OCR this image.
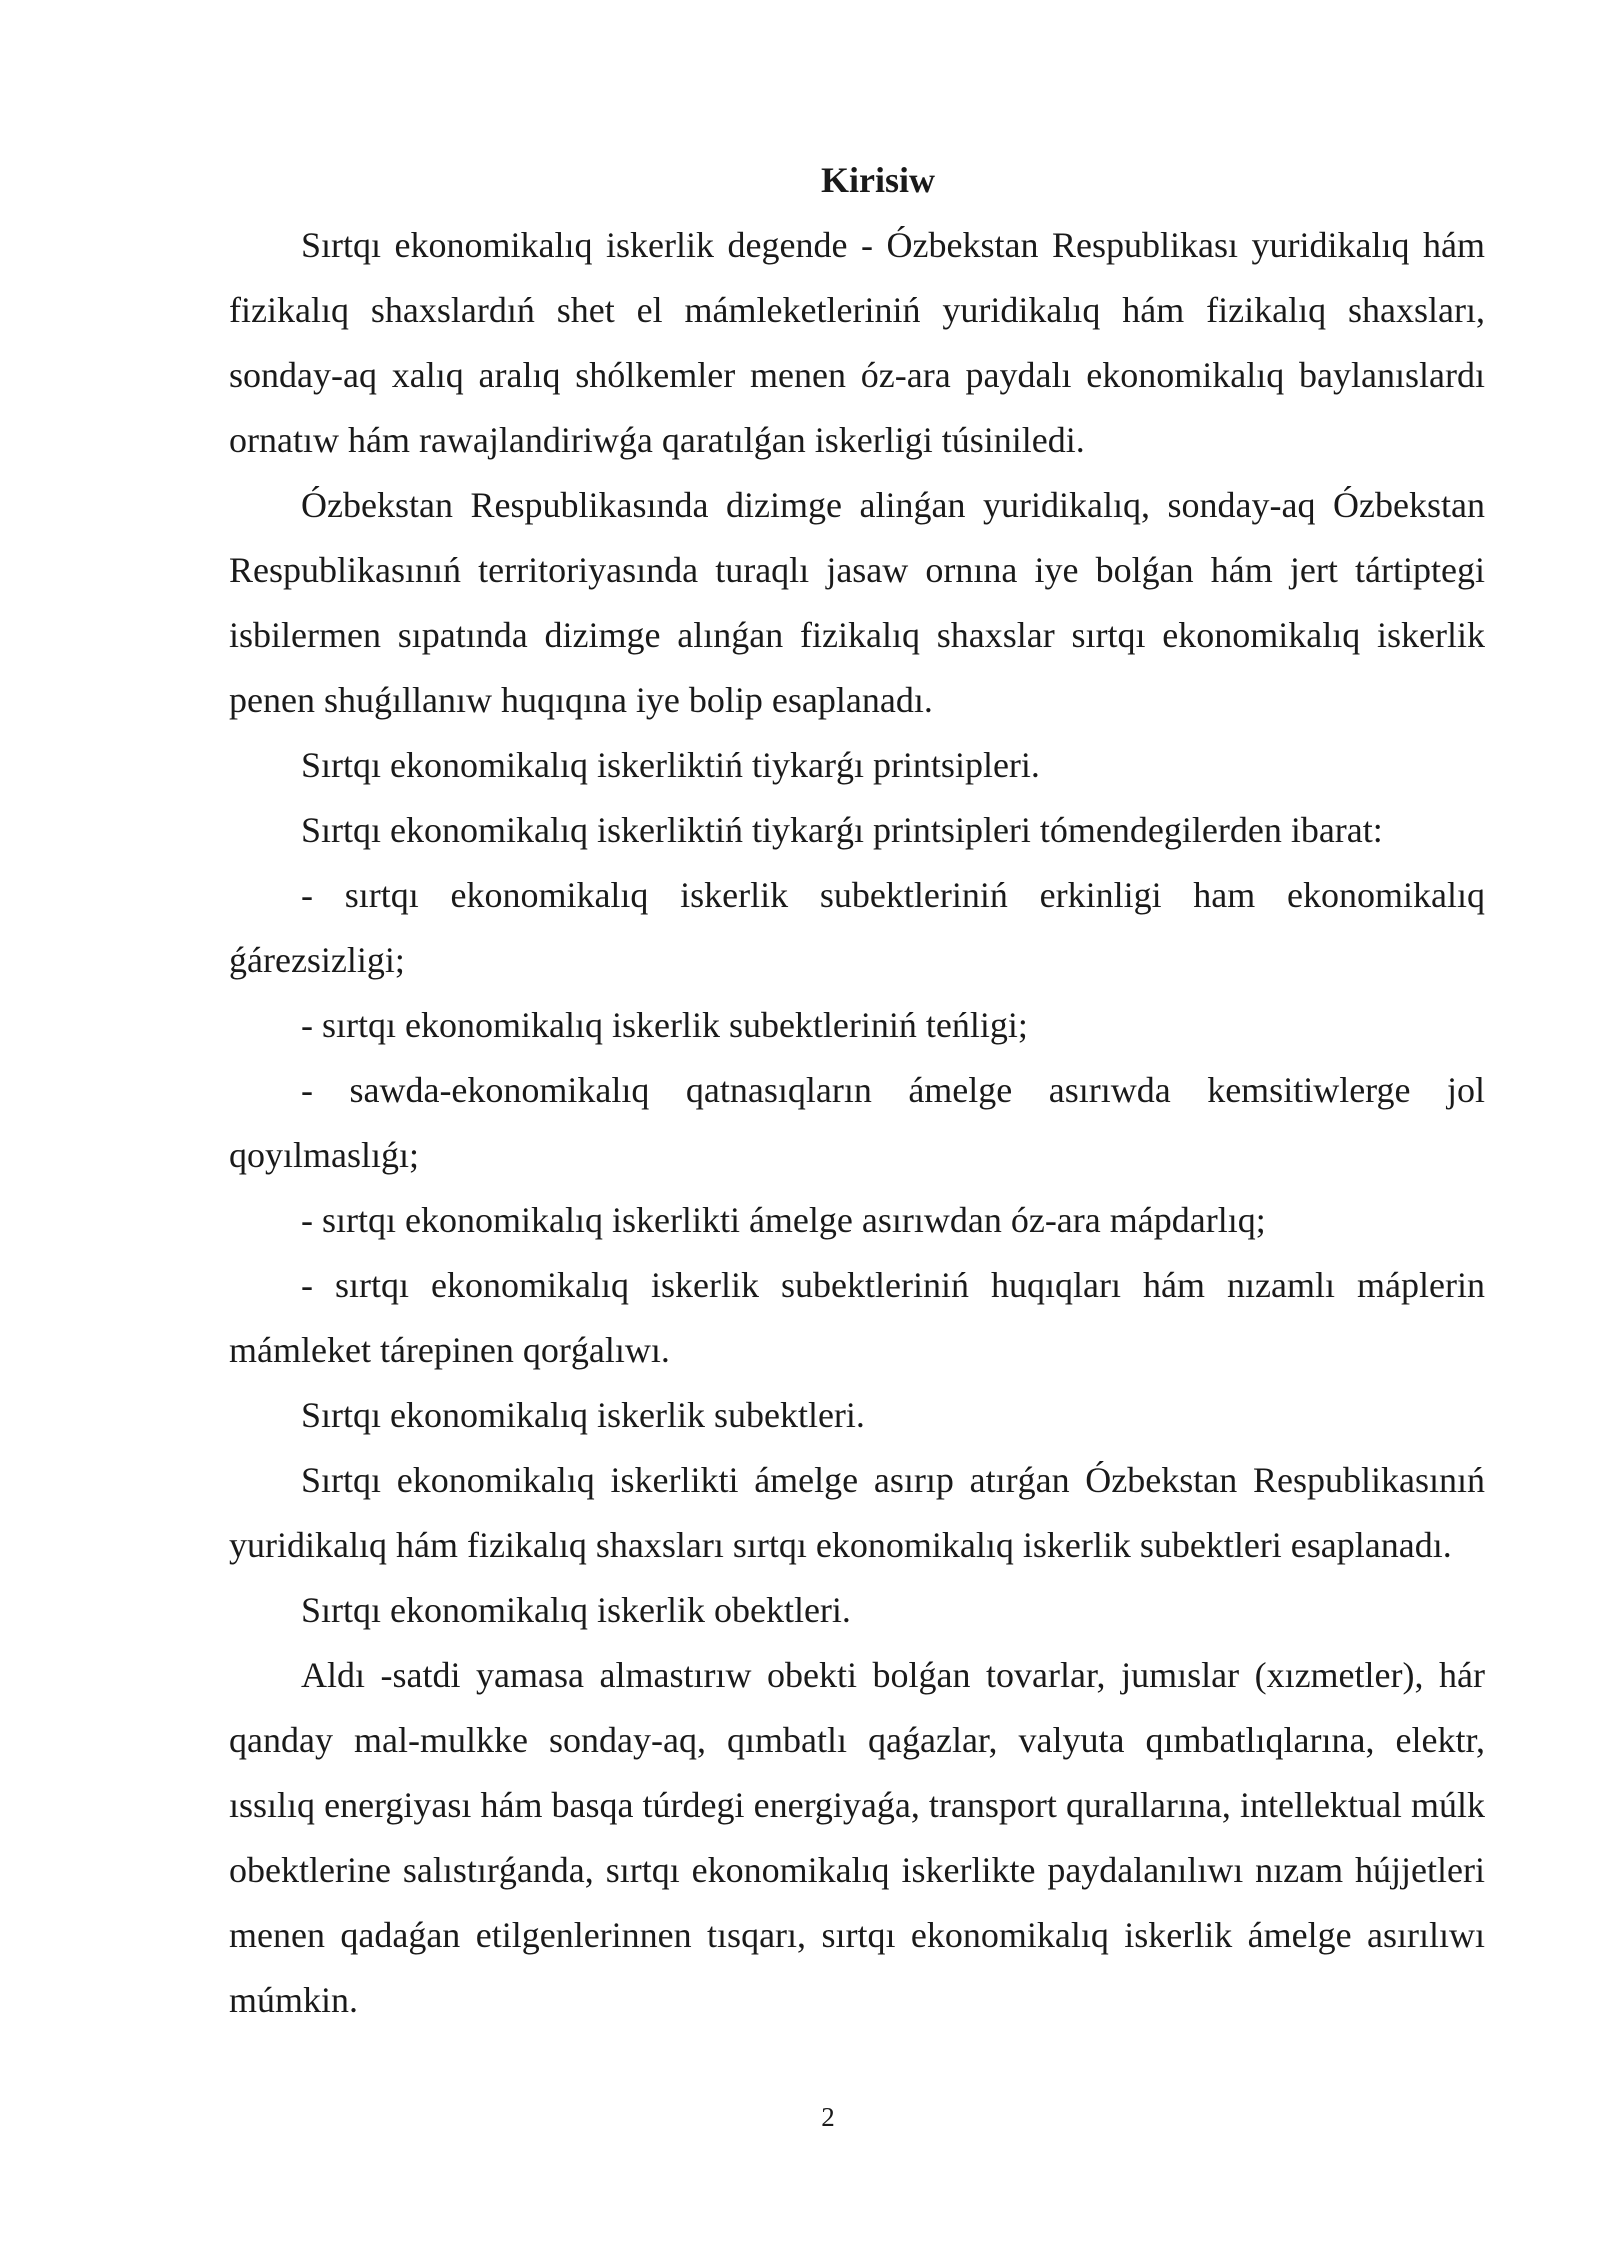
Kirisiw

Sırtqı ekonomikalıq iskerlik degende - Ózbekstan Respublikası yuridikalıq hám fizikalıq shaxslardıń shet el mámleketleriniń yuridikalıq hám fizikalıq shaxsları, sonday-aq xalıq aralıq shólkemler menen óz-ara paydalı ekonomikalıq baylanıslardı ornatıw hám rawajlandiriwǵa qaratılǵan iskerligi túsiniledi.

Ózbekstan Respublikasında dizimge alinǵan yuridikalıq, sonday-aq Ózbekstan Respublikasınıń territoriyasında turaqlı jasaw ornına iye bolǵan hám jert tártiptegi isbilermen sıpatında dizimge alınǵan fizikalıq shaxslar sırtqı ekonomikalıq iskerlik penen shuǵıllanıw huqıqına iye bolip esaplanadı.

Sırtqı ekonomikalıq iskerliktiń tiykarǵı printsipleri.

Sırtqı ekonomikalıq iskerliktiń tiykarǵı printsipleri tómendegilerden ibarat:

- sırtqı ekonomikalıq iskerlik subektleriniń erkinligi ham ekonomikalıq ǵárezsizligi;

- sırtqı ekonomikalıq iskerlik subektleriniń teńligi;

- sawda-ekonomikalıq qatnasıqların ámelge asırıwda kemsitiwlerge jol qoyılmaslıǵı;

- sırtqı ekonomikalıq iskerlikti ámelge asırıwdan óz-ara mápdarlıq;

- sırtqı ekonomikalıq iskerlik subektleriniń huqıqları hám nızamlı máplerin mámleket tárepinen qorǵalıwı.

Sırtqı ekonomikalıq iskerlik subektleri.

Sırtqı ekonomikalıq iskerlikti ámelge asırıp atırǵan Ózbekstan Respublikasınıń yuridikalıq hám fizikalıq shaxsları sırtqı ekonomikalıq iskerlik subektleri esaplanadı.

Sırtqı ekonomikalıq iskerlik obektleri.

Aldı -satdi yamasa almastırıw obekti bolǵan tovarlar, jumıslar (xızmetler), hár qanday mal-mulkke sonday-aq, qımbatlı qaǵazlar, valyuta qımbatlıqlarına, elektr, ıssılıq energiyası hám basqa túrdegi energiyaǵa, transport qurallarına, intellektual múlk obektlerine salıstırǵanda, sırtqı ekonomikalıq iskerlikte paydalanılıwı nızam hújjetleri menen qadaǵan etilgenlerinnen tısqarı, sırtqı ekonomikalıq iskerlik ámelge asırılıwı múmkin.

2
